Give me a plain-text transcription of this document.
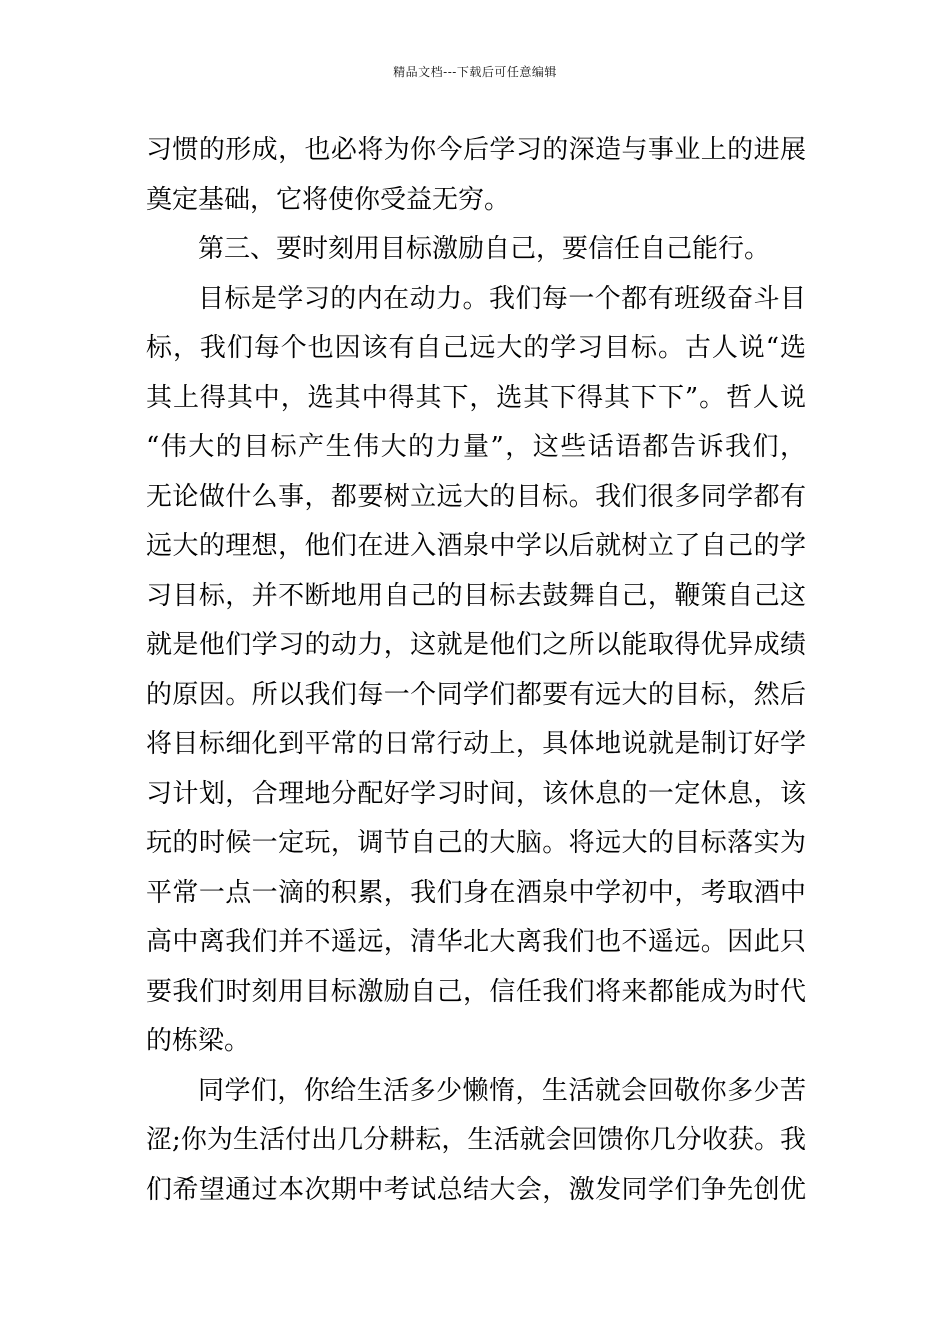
精品文档---下载后可任意编辑
习惯的形成，也必将为你今后学习的深造与事业上的进展
奠定基础，它将使你受益无穷。
第三、要时刻用目标激励自己，要信任自己能行。
目标是学习的内在动力。我们每一个都有班级奋斗目
标，我们每个也因该有自己远大的学习目标。古人说“选
其上得其中，选其中得其下，选其下得其下下”。哲人说
“伟大的目标产生伟大的力量”，这些话语都告诉我们，
无论做什么事，都要树立远大的目标。我们很多同学都有
远大的理想，他们在进入酒泉中学以后就树立了自己的学
习目标，并不断地用自己的目标去鼓舞自己，鞭策自己这
就是他们学习的动力，这就是他们之所以能取得优异成绩
的原因。所以我们每一个同学们都要有远大的目标，然后
将目标细化到平常的日常行动上，具体地说就是制订好学
习计划，合理地分配好学习时间，该休息的一定休息，该
玩的时候一定玩，调节自己的大脑。将远大的目标落实为
平常一点一滴的积累，我们身在酒泉中学初中，考取酒中
高中离我们并不遥远，清华北大离我们也不遥远。因此只
要我们时刻用目标激励自己，信任我们将来都能成为时代
的栋梁。
同学们，你给生活多少懒惰，生活就会回敬你多少苦
涩;你为生活付出几分耕耘，生活就会回馈你几分收获。我
们希望通过本次期中考试总结大会，激发同学们争先创优
